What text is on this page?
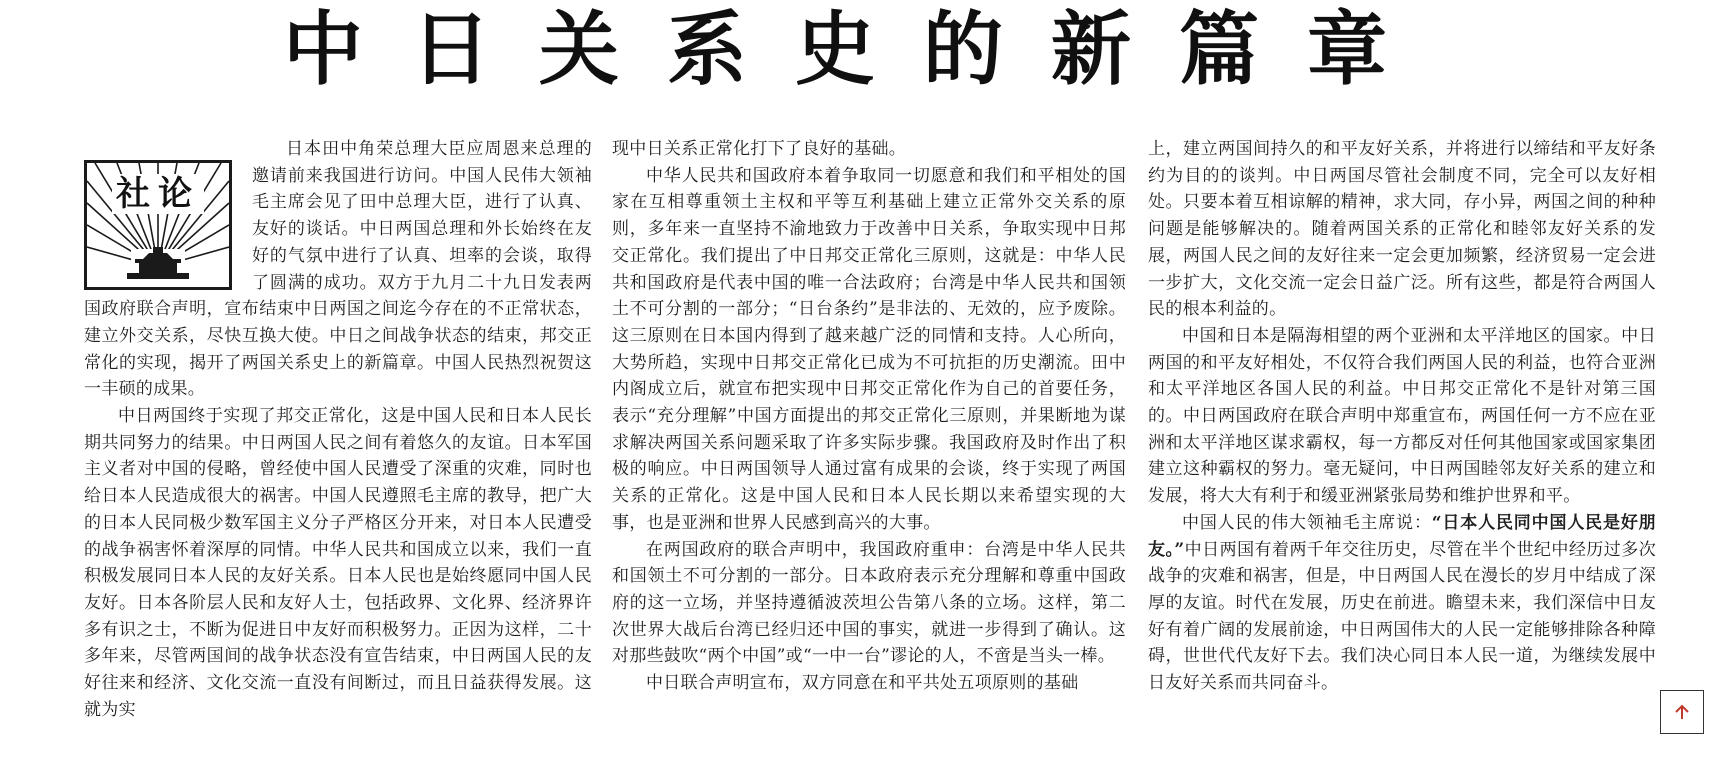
中日关系史的新篇章
社论

日本田中角荣总理大臣应周恩来总理的邀请前来我国进行访问。中国人民伟大领袖毛主席会见了田中总理大臣，进行了认真、友好的谈话。中日两国总理和外长始终在友好的气氛中进行了认真、坦率的会谈，取得了圆满的成功。双方于九月二十九日发表两国政府联合声明，宣布结束中日两国之间迄今存在的不正常状态，建立外交关系，尽快互换大使。中日之间战争状态的结束，邦交正常化的实现，揭开了两国关系史上的新篇章。中国人民热烈祝贺这一丰硕的成果。

中日两国终于实现了邦交正常化，这是中国人民和日本人民长期共同努力的结果。中日两国人民之间有着悠久的友谊。日本军国主义者对中国的侵略，曾经使中国人民遭受了深重的灾难，同时也给日本人民造成很大的祸害。中国人民遵照毛主席的教导，把广大的日本人民同极少数军国主义分子严格区分开来，对日本人民遭受的战争祸害怀着深厚的同情。中华人民共和国成立以来，我们一直积极发展同日本人民的友好关系。日本人民也是始终愿同中国人民友好。日本各阶层人民和友好人士，包括政界、文化界、经济界许多有识之士，不断为促进日中友好而积极努力。正因为这样，二十多年来，尽管两国间的战争状态没有宣告结束，中日两国人民的友好往来和经济、文化交流一直没有间断过，而且日益获得发展。这就为实

现中日关系正常化打下了良好的基础。

中华人民共和国政府本着争取同一切愿意和我们和平相处的国家在互相尊重领土主权和平等互利基础上建立正常外交关系的原则，多年来一直坚持不渝地致力于改善中日关系，争取实现中日邦交正常化。我们提出了中日邦交正常化三原则，这就是：中华人民共和国政府是代表中国的唯一合法政府；台湾是中华人民共和国领土不可分割的一部分；“日台条约”是非法的、无效的，应予废除。这三原则在日本国内得到了越来越广泛的同情和支持。人心所向，大势所趋，实现中日邦交正常化已成为不可抗拒的历史潮流。田中内阁成立后，就宣布把实现中日邦交正常化作为自己的首要任务，表示“充分理解”中国方面提出的邦交正常化三原则，并果断地为谋求解决两国关系问题采取了许多实际步骤。我国政府及时作出了积极的响应。中日两国领导人通过富有成果的会谈，终于实现了两国关系的正常化。这是中国人民和日本人民长期以来希望实现的大事，也是亚洲和世界人民感到高兴的大事。

在两国政府的联合声明中，我国政府重申：台湾是中华人民共和国领土不可分割的一部分。日本政府表示充分理解和尊重中国政府的这一立场，并坚持遵循波茨坦公告第八条的立场。这样，第二次世界大战后台湾已经归还中国的事实，就进一步得到了确认。这对那些鼓吹“两个中国”或“一中一台”谬论的人，不啻是当头一棒。

中日联合声明宣布，双方同意在和平共处五项原则的基础

上，建立两国间持久的和平友好关系，并将进行以缔结和平友好条约为目的的谈判。中日两国尽管社会制度不同，完全可以友好相处。只要本着互相谅解的精神，求大同，存小异，两国之间的种种问题是能够解决的。随着两国关系的正常化和睦邻友好关系的发展，两国人民之间的友好往来一定会更加频繁，经济贸易一定会进一步扩大，文化交流一定会日益广泛。所有这些，都是符合两国人民的根本利益的。

中国和日本是隔海相望的两个亚洲和太平洋地区的国家。中日两国的和平友好相处，不仅符合我们两国人民的利益，也符合亚洲和太平洋地区各国人民的利益。中日邦交正常化不是针对第三国的。中日两国政府在联合声明中郑重宣布，两国任何一方不应在亚洲和太平洋地区谋求霸权，每一方都反对任何其他国家或国家集团建立这种霸权的努力。毫无疑问，中日两国睦邻友好关系的建立和发展，将大大有利于和缓亚洲紧张局势和维护世界和平。

中国人民的伟大领袖毛主席说：“日本人民同中国人民是好朋友。”中日两国有着两千年交往历史，尽管在半个世纪中经历过多次战争的灾难和祸害，但是，中日两国人民在漫长的岁月中结成了深厚的友谊。时代在发展，历史在前进。瞻望未来，我们深信中日友好有着广阔的发展前途，中日两国伟大的人民一定能够排除各种障碍，世世代代友好下去。我们决心同日本人民一道，为继续发展中日友好关系而共同奋斗。
